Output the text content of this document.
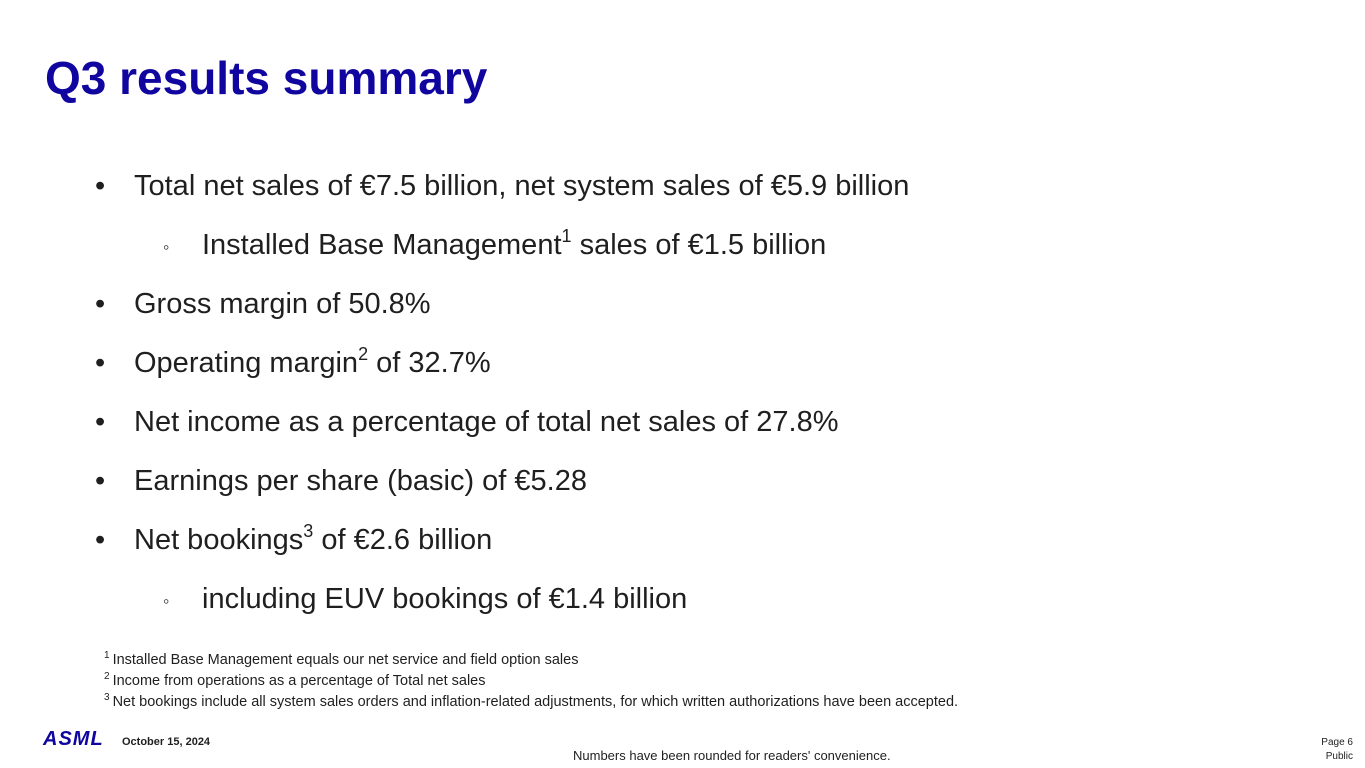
Q3 results summary
• Total net sales of €7.5 billion, net system sales of €5.9 billion
◦ Installed Base Management$^1$ sales of €1.5 billion
• Gross margin of 50.8%
• Operating margin$^2$ of 32.7%
• Net income as a percentage of total net sales of 27.8%
• Earnings per share (basic) of €5.28
• Net bookings$^3$ of €2.6 billion
◦ including EUV bookings of €1.4 billion
$^1$ Installed Base Management equals our net service and field option sales
$^2$ Income from operations as a percentage of Total net sales
$^3$ Net bookings include all system sales orders and inflation-related adjustments, for which written authorizations have been accepted.
ASML October 15, 2024
Numbers have been rounded for readers' convenience.
Page 6
Public
